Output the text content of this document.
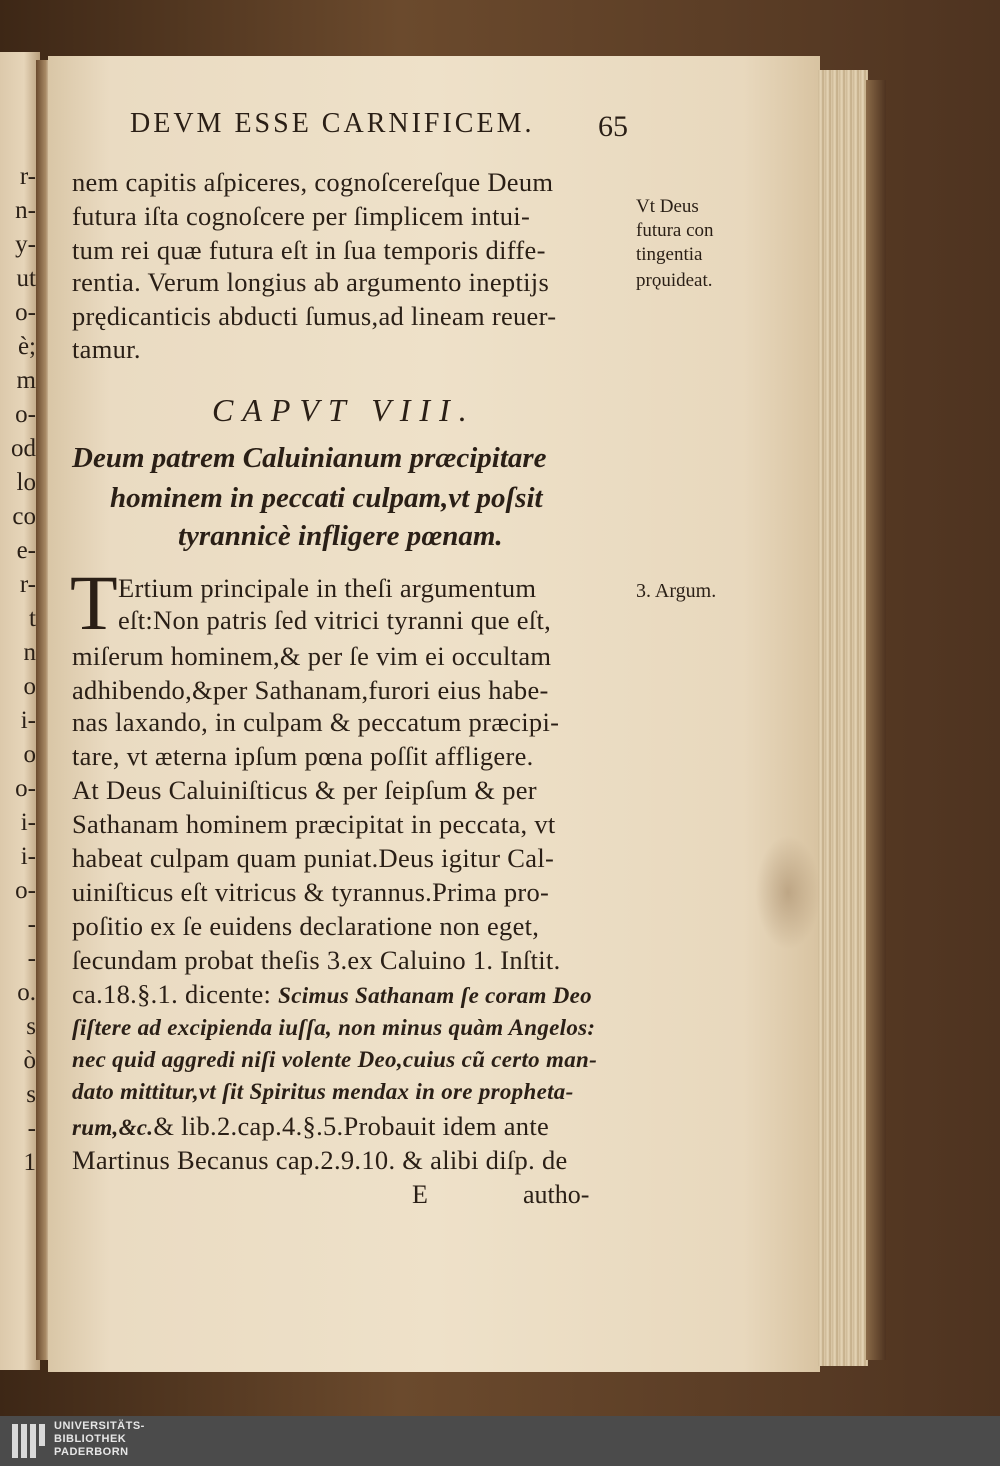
r-
n-
y-
ut
o-
è;
m
o-
od
lo
co
e-
r-
t
n
o
i-
o
o-
i-
i-
o-
-
-
o.
s
ò
s
-
1
DEVM ESSE CARNIFICEM. 65
nem capitis aſpiceres, cognoſcereſque Deum
futura iſta cognoſcere per ſimplicem intui-
tum rei quæ futura eſt in ſua temporis diffe-
rentia. Verum longius ab argumento ineptijs
prędicanticis abducti ſumus,ad lineam reuer-
tamur.
Vt Deus
futura con
tingentia
prǫuideat.
CAPVT VIII.
Deum patrem Caluinianum præcipitare
hominem in peccati culpam,vt poſsit
tyrannicè infligere pœnam.
T Ertium principale in theſi argumentum
eſt:Non patris ſed vitrici tyranni que eſt,
3. Argum.
miſerum hominem,& per ſe vim ei occultam
adhibendo,&per Sathanam,furori eius habe-
nas laxando, in culpam & peccatum præcipi-
tare, vt æterna ipſum pœna poſſit affligere.
At Deus Caluiniſticus & per ſeipſum & per
Sathanam hominem præcipitat in peccata, vt
habeat culpam quam puniat.Deus igitur Cal-
uiniſticus eſt vitricus & tyrannus.Prima pro-
poſitio ex ſe euidens declaratione non eget,
ſecundam probat theſis 3.ex Caluino 1. Inſtit.
ca.18.§.1. dicente: Scimus Sathanam ſe coram Deo
ſiſtere ad excipienda iuſſa, non minus quàm Angelos:
nec quid aggredi niſi volente Deo,cuius cũ certo man-
dato mittitur,vt ſit Spiritus mendax in ore propheta-
rum,&c.& lib.2.cap.4.§.5.Probauit idem ante
Martinus Becanus cap.2.9.10. & alibi diſp. de
E	autho-
UNIVERSITÄTS-
BIBLIOTHEK
PADERBORN
